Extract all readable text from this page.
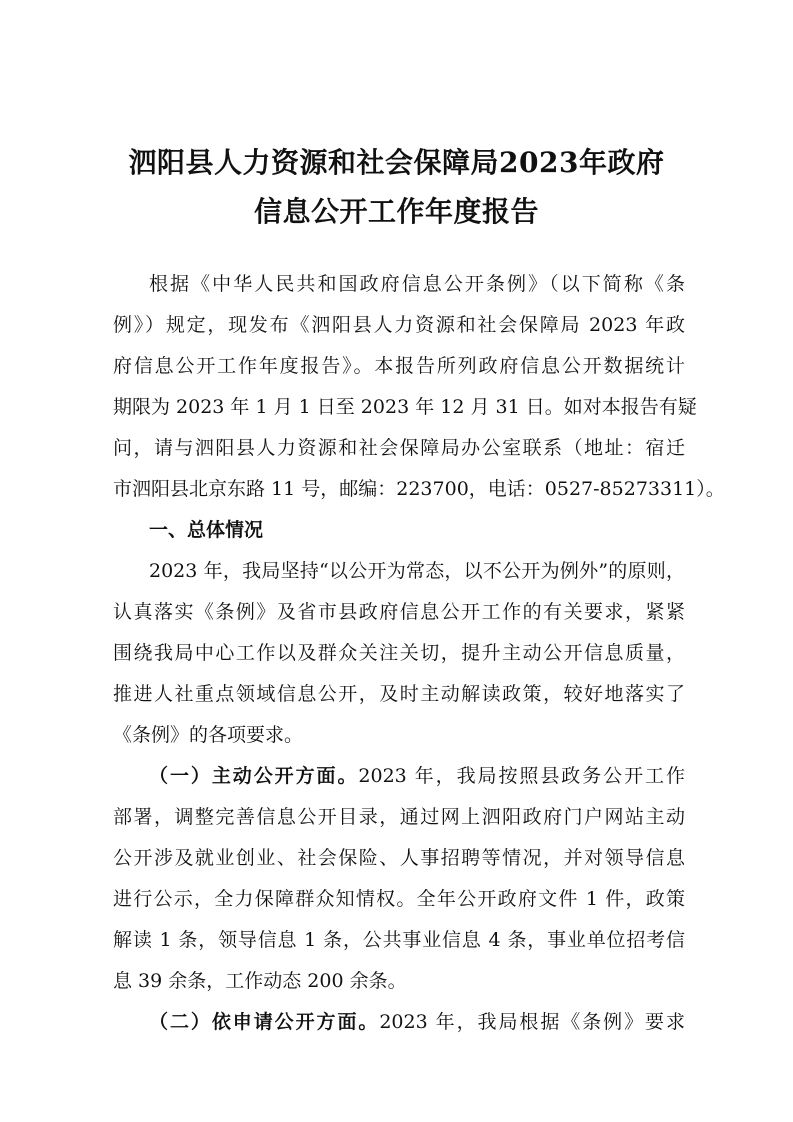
泗阳县人力资源和社会保障局2023年政府
信息公开工作年度报告
根据《中华人民共和国政府信息公开条例》（以下简称《条
例》）规定，现发布《泗阳县人力资源和社会保障局 2023 年政
府信息公开工作年度报告》。本报告所列政府信息公开数据统计
期限为 2023 年 1 月 1 日至 2023 年 12 月 31 日。如对本报告有疑
问，请与泗阳县人力资源和社会保障局办公室联系（地址：宿迁
市泗阳县北京东路 11 号，邮编：223700，电话：0527-85273311）。
一、总体情况
2023 年，我局坚持“以公开为常态，以不公开为例外”的原则，
认真落实《条例》及省市县政府信息公开工作的有关要求，紧紧
围绕我局中心工作以及群众关注关切，提升主动公开信息质量，
推进人社重点领域信息公开，及时主动解读政策，较好地落实了
《条例》的各项要求。
（一）主动公开方面。2023 年，我局按照县政务公开工作
部署，调整完善信息公开目录，通过网上泗阳政府门户网站主动
公开涉及就业创业、社会保险、人事招聘等情况，并对领导信息
进行公示，全力保障群众知情权。全年公开政府文件 1 件，政策
解读 1 条，领导信息 1 条，公共事业信息 4 条，事业单位招考信
息 39 余条，工作动态 200 余条。
（二）依申请公开方面。2023 年，我局根据《条例》要求
